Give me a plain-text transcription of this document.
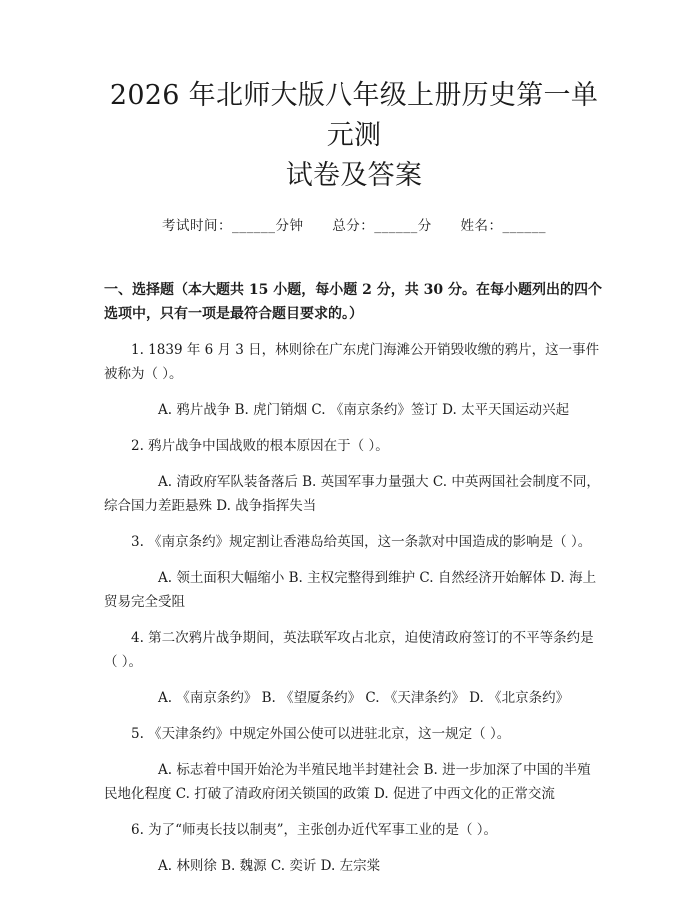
2026 年北师大版八年级上册历史第一单元测
试卷及答案
考试时间：______分钟      总分：______分      姓名：______
一、选择题（本大题共 15 小题，每小题 2 分，共 30 分。在每小题列出的四个选项中，只有一项是最符合题目要求的。）
1. 1839 年 6 月 3 日，林则徐在广东虎门海滩公开销毁收缴的鸦片，这一事件被称为（ ）。
A. 鸦片战争 B. 虎门销烟 C. 《南京条约》签订 D. 太平天国运动兴起
2. 鸦片战争中国战败的根本原因在于（ ）。
A. 清政府军队装备落后 B. 英国军事力量强大 C. 中英两国社会制度不同，综合国力差距悬殊 D. 战争指挥失当
3. 《南京条约》规定割让香港岛给英国，这一条款对中国造成的影响是（ ）。
A. 领土面积大幅缩小 B. 主权完整得到维护 C. 自然经济开始解体 D. 海上贸易完全受阻
4. 第二次鸦片战争期间，英法联军攻占北京，迫使清政府签订的不平等条约是（ ）。
A. 《南京条约》 B. 《望厦条约》 C. 《天津条约》 D. 《北京条约》
5. 《天津条约》中规定外国公使可以进驻北京，这一规定（ ）。
A. 标志着中国开始沦为半殖民地半封建社会 B. 进一步加深了中国的半殖民地化程度 C. 打破了清政府闭关锁国的政策 D. 促进了中西文化的正常交流
6. 为了“师夷长技以制夷”，主张创办近代军事工业的是（ ）。
A. 林则徐 B. 魏源 C. 奕䜣 D. 左宗棠
